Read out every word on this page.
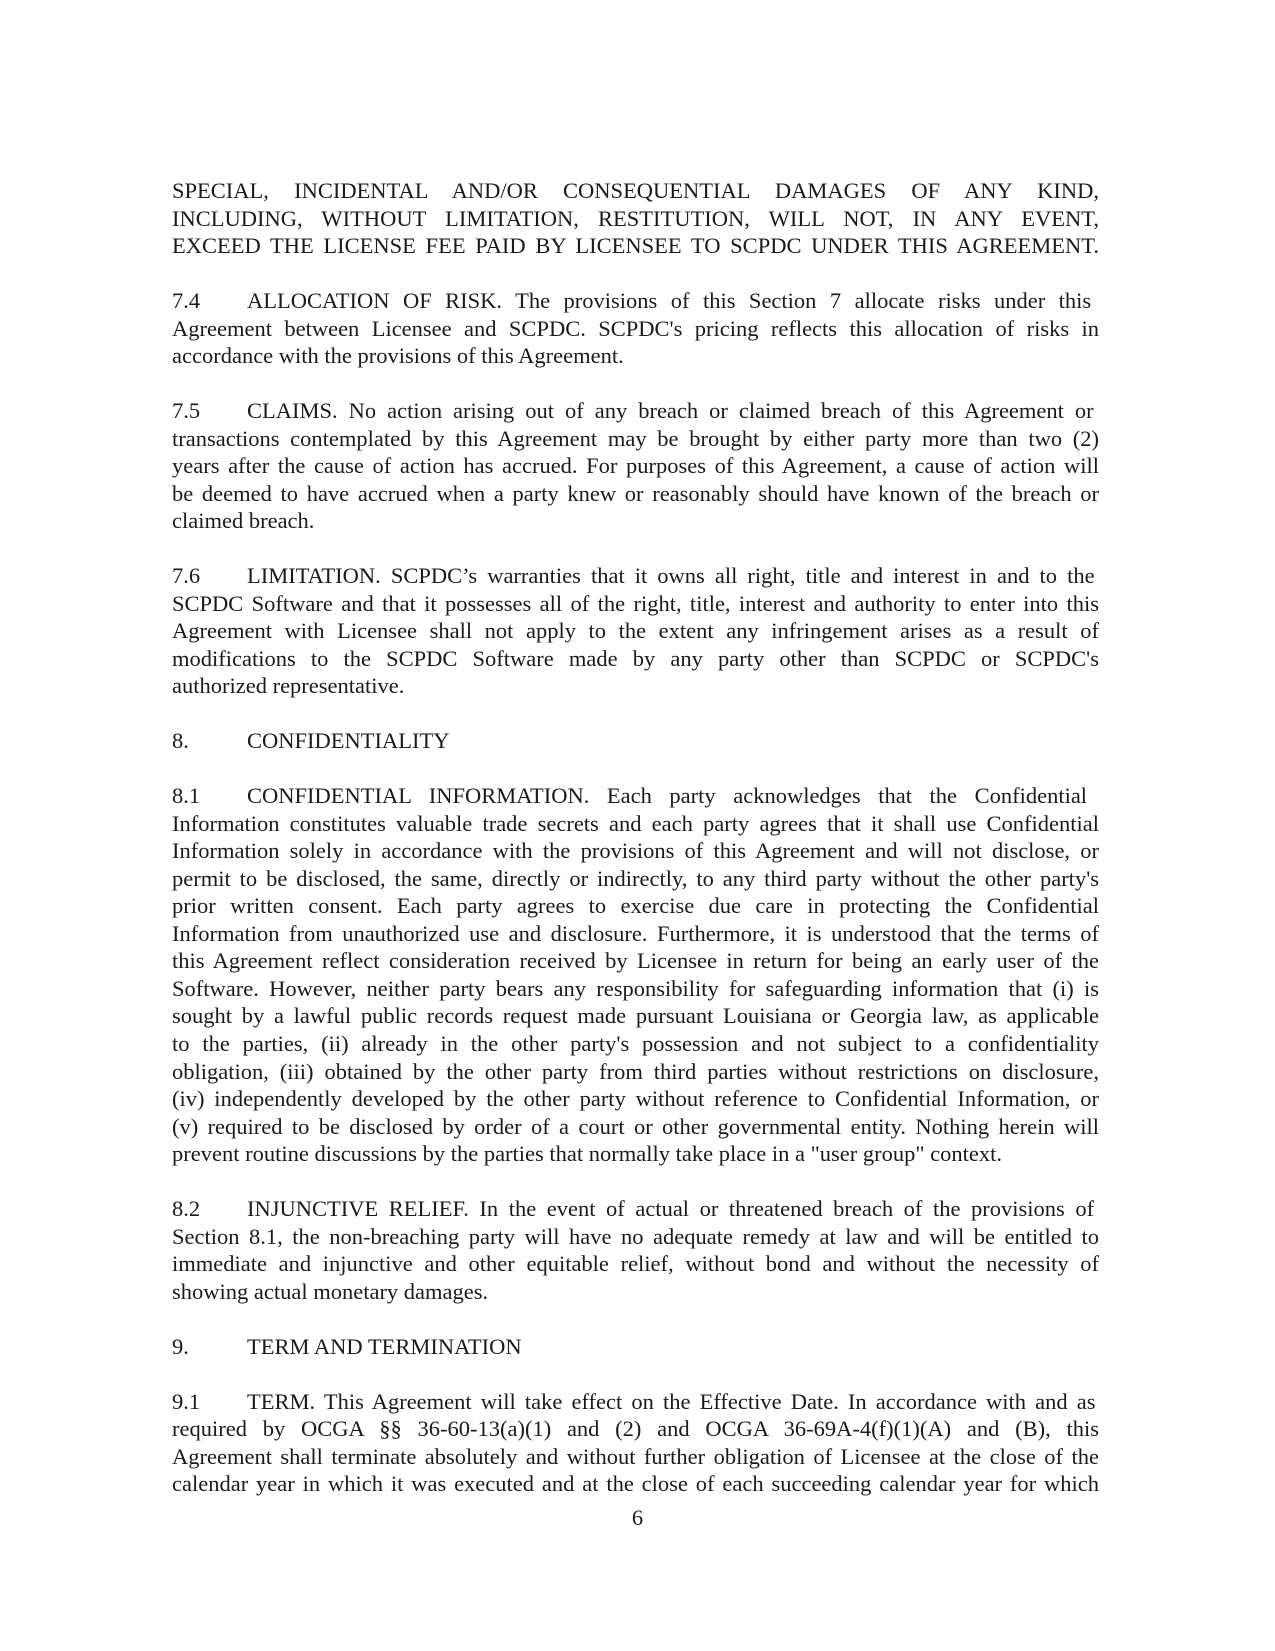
SPECIAL, INCIDENTAL AND/OR CONSEQUENTIAL DAMAGES OF ANY KIND,
INCLUDING, WITHOUT LIMITATION, RESTITUTION, WILL NOT, IN ANY EVENT,
EXCEED THE LICENSE FEE PAID BY LICENSEE TO SCPDC UNDER THIS AGREEMENT.
7.4 ALLOCATION OF RISK. The provisions of this Section 7 allocate risks under this
Agreement between Licensee and SCPDC. SCPDC's pricing reflects this allocation of risks in
accordance with the provisions of this Agreement.
7.5 CLAIMS. No action arising out of any breach or claimed breach of this Agreement or
transactions contemplated by this Agreement may be brought by either party more than two (2)
years after the cause of action has accrued. For purposes of this Agreement, a cause of action will
be deemed to have accrued when a party knew or reasonably should have known of the breach or
claimed breach.
7.6 LIMITATION. SCPDC’s warranties that it owns all right, title and interest in and to the
SCPDC Software and that it possesses all of the right, title, interest and authority to enter into this
Agreement with Licensee shall not apply to the extent any infringement arises as a result of
modifications to the SCPDC Software made by any party other than SCPDC or SCPDC's
authorized representative.
8.	CONFIDENTIALITY
8.1 CONFIDENTIAL INFORMATION. Each party acknowledges that the Confidential
Information constitutes valuable trade secrets and each party agrees that it shall use Confidential
Information solely in accordance with the provisions of this Agreement and will not disclose, or
permit to be disclosed, the same, directly or indirectly, to any third party without the other party's
prior written consent. Each party agrees to exercise due care in protecting the Confidential
Information from unauthorized use and disclosure. Furthermore, it is understood that the terms of
this Agreement reflect consideration received by Licensee in return for being an early user of the
Software. However, neither party bears any responsibility for safeguarding information that (i) is
sought by a lawful public records request made pursuant Louisiana or Georgia law, as applicable
to the parties, (ii) already in the other party's possession and not subject to a confidentiality
obligation, (iii) obtained by the other party from third parties without restrictions on disclosure,
(iv) independently developed by the other party without reference to Confidential Information, or
(v) required to be disclosed by order of a court or other governmental entity. Nothing herein will
prevent routine discussions by the parties that normally take place in a "user group" context.
8.2 INJUNCTIVE RELIEF. In the event of actual or threatened breach of the provisions of
Section 8.1, the non-breaching party will have no adequate remedy at law and will be entitled to
immediate and injunctive and other equitable relief, without bond and without the necessity of
showing actual monetary damages.
9.	TERM AND TERMINATION
9.1 TERM. This Agreement will take effect on the Effective Date. In accordance with and as
required by OCGA §§ 36-60-13(a)(1) and (2) and OCGA 36-69A-4(f)(1)(A) and (B), this
Agreement shall terminate absolutely and without further obligation of Licensee at the close of the
calendar year in which it was executed and at the close of each succeeding calendar year for which
6
